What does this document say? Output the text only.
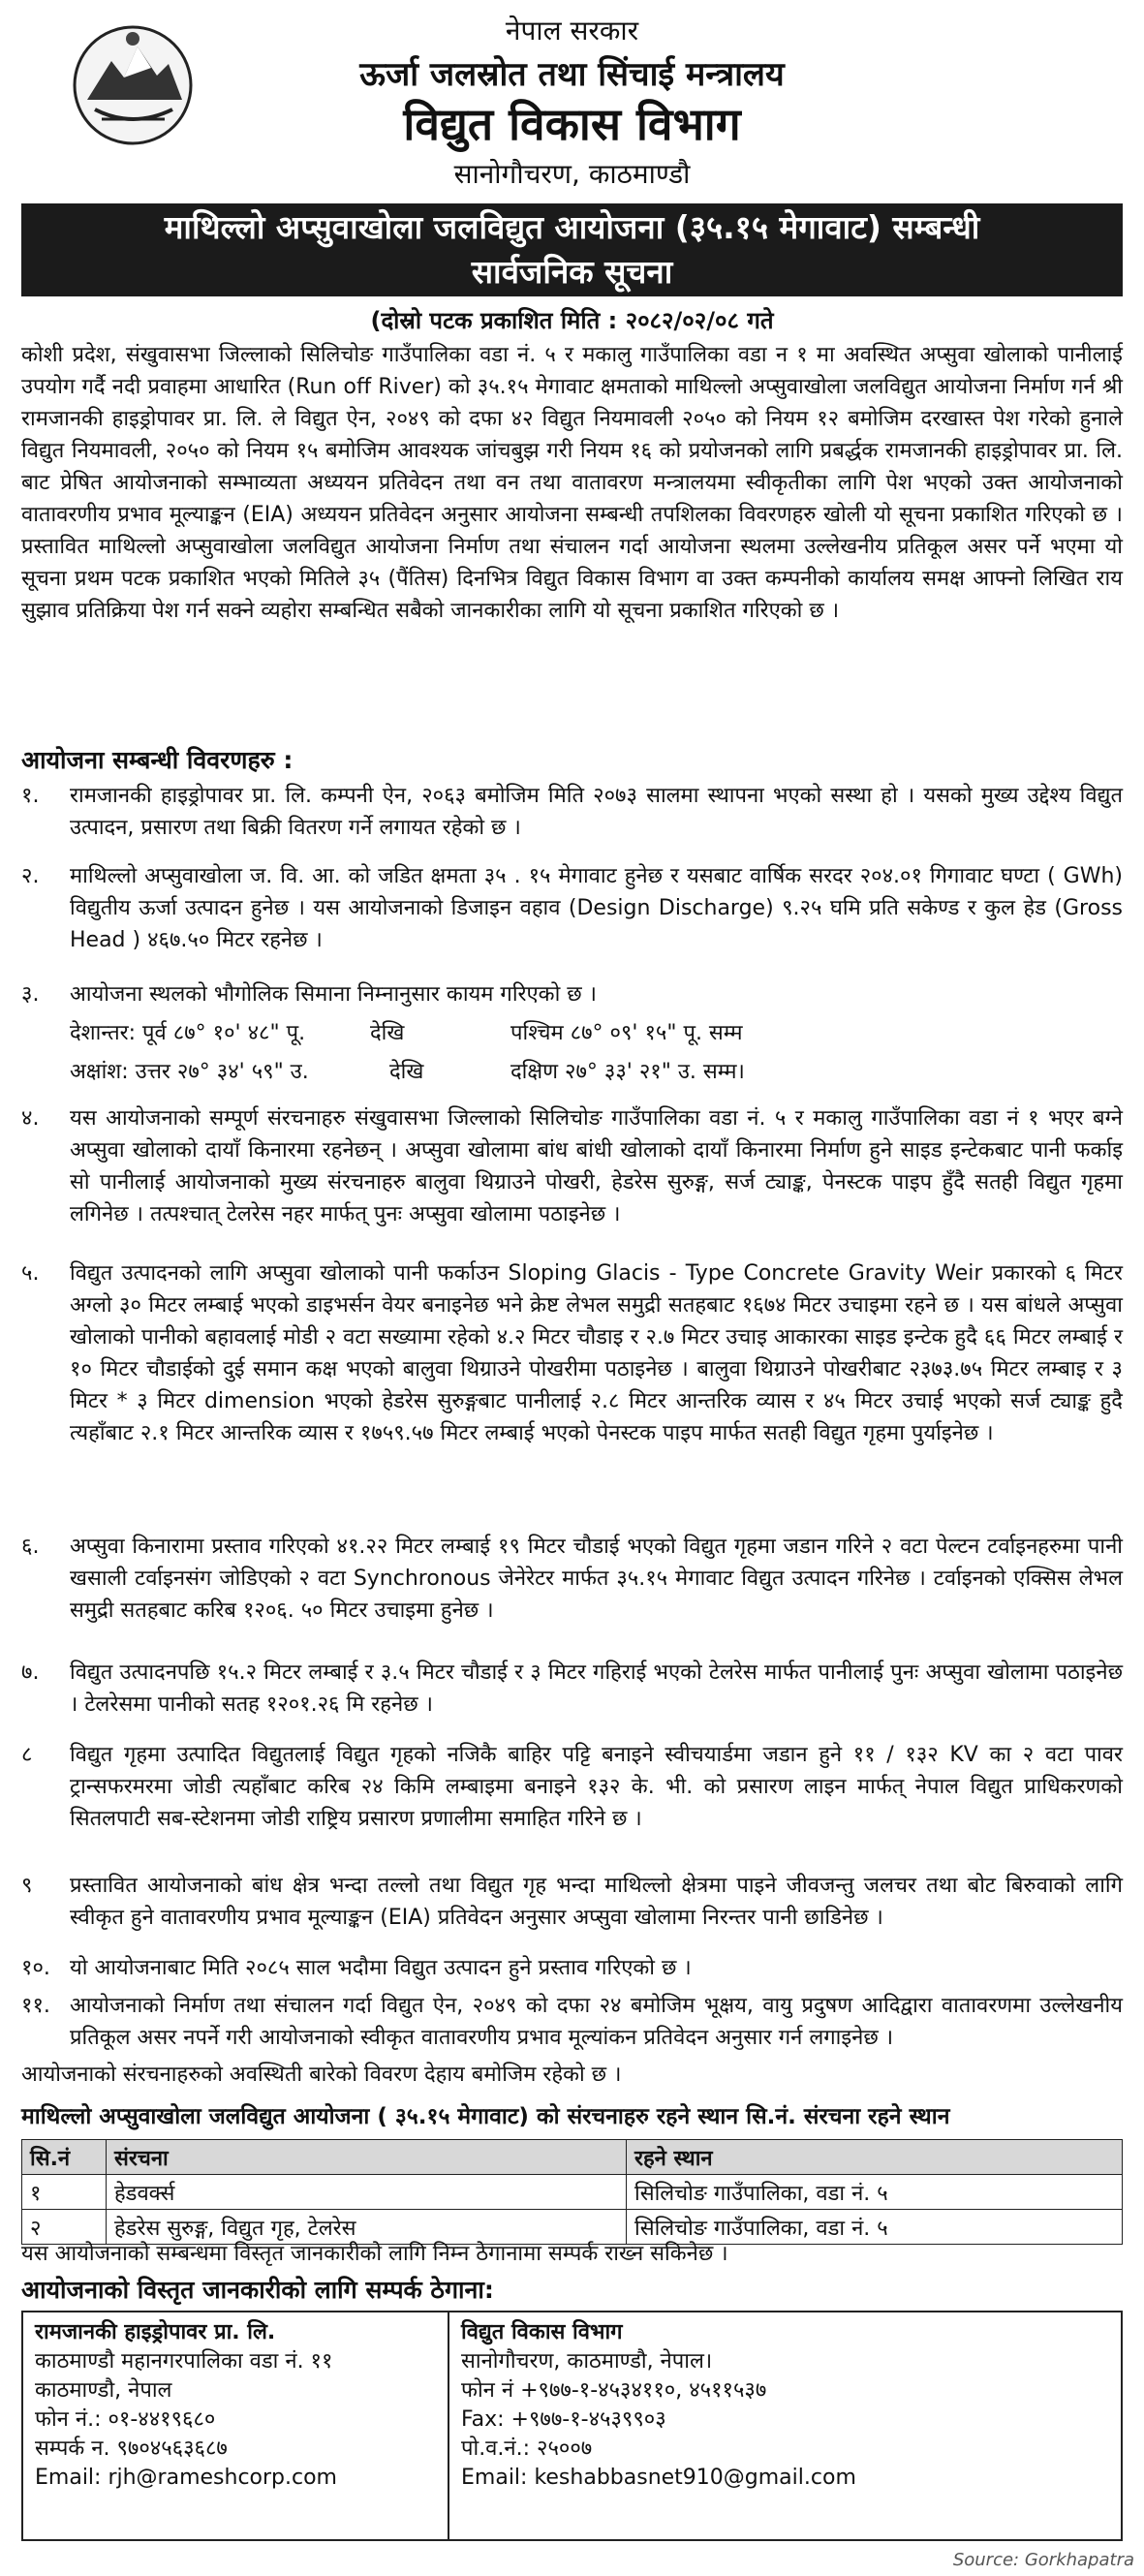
नेपाल सरकार
ऊर्जा जलस्रोत तथा सिंचाई मन्त्रालय
विद्युत विकास विभाग
सानोगौचरण, काठमाण्डौ
माथिल्लो अप्सुवाखोला जलविद्युत आयोजना (३५.१५ मेगावाट) सम्बन्धी
सार्वजनिक सूचना
(दोस्रो पटक प्रकाशित मिति : २०८२/०२/०८ गते
कोशी प्रदेश, संखुवासभा जिल्लाको सिलिचोङ गाउँपालिका वडा नं. ५ र मकालु गाउँपालिका वडा न १ मा अवस्थित अप्सुवा खोलाको पानीलाई उपयोग गर्दै नदी प्रवाहमा आधारित (Run off River) को ३५.१५ मेगावाट क्षमताको माथिल्लो अप्सुवाखोला जलविद्युत आयोजना निर्माण गर्न श्री रामजानकी हाइड्रोपावर प्रा. लि. ले विद्युत ऐन, २०४९ को दफा ४२ विद्युत नियमावली २०५० को नियम १२ बमोजिम दरखास्त पेश गरेको हुनाले विद्युत नियमावली, २०५० को नियम १५ बमोजिम आवश्यक जांचबुझ गरी नियम १६ को प्रयोजनको लागि प्रबर्द्धक रामजानकी हाइड्रोपावर प्रा. लि. बाट प्रेषित आयोजनाको सम्भाव्यता अध्ययन प्रतिवेदन तथा वन तथा वातावरण मन्त्रालयमा स्वीकृतीका लागि पेश भएको उक्त आयोजनाको वातावरणीय प्रभाव मूल्याङ्कन (EIA) अध्ययन प्रतिवेदन अनुसार आयोजना सम्बन्धी तपशिलका विवरणहरु खोली यो सूचना प्रकाशित गरिएको छ । प्रस्तावित माथिल्लो अप्सुवाखोला जलविद्युत आयोजना निर्माण तथा संचालन गर्दा आयोजना स्थलमा उल्लेखनीय प्रतिकूल असर पर्ने भएमा यो सूचना प्रथम पटक प्रकाशित भएको मितिले ३५ (पैंतिस) दिनभित्र विद्युत विकास विभाग वा उक्त कम्पनीको कार्यालय समक्ष आफ्नो लिखित राय सुझाव प्रतिक्रिया पेश गर्न सक्ने व्यहोरा सम्बन्धित सबैको जानकारीका लागि यो सूचना प्रकाशित गरिएको छ ।
आयोजना सम्बन्धी विवरणहरु :
१.	रामजानकी हाइड्रोपावर प्रा. लि. कम्पनी ऐन, २०६३ बमोजिम मिति २०७३ सालमा स्थापना भएको सस्था हो । यसको मुख्य उद्देश्य विद्युत उत्पादन, प्रसारण तथा बिक्री वितरण गर्ने लगायत रहेको छ ।
२.	माथिल्लो अप्सुवाखोला ज. वि. आ. को जडित क्षमता ३५ . १५ मेगावाट हुनेछ र यसबाट वार्षिक सरदर २०४.०१ गिगावाट घण्टा ( GWh) विद्युतीय ऊर्जा उत्पादन हुनेछ । यस आयोजनाको डिजाइन वहाव (Design Discharge) ९.२५ घमि प्रति सकेण्ड र कुल हेड (Gross Head ) ४६७.५० मिटर रहनेछ ।
३.	आयोजना स्थलको भौगोलिक सिमाना निम्नानुसार कायम गरिएको छ ।
देशान्तर: पूर्व ८७° १०' ४८" पू.	देखि	पश्चिम ८७° ०९' १५" पू. सम्म
अक्षांश: उत्तर २७° ३४' ५९" उ.	देखि	दक्षिण २७° ३३' २१" उ. सम्म।
४.	यस आयोजनाको सम्पूर्ण संरचनाहरु संखुवासभा जिल्लाको सिलिचोङ गाउँपालिका वडा नं. ५ र मकालु गाउँपालिका वडा नं १ भएर बग्ने अप्सुवा खोलाको दायाँ किनारमा रहनेछन् । अप्सुवा खोलामा बांध बांधी खोलाको दायाँ किनारमा निर्माण हुने साइड इन्टेकबाट पानी फर्काइ सो पानीलाई आयोजनाको मुख्य संरचनाहरु बालुवा थिग्राउने पोखरी, हेडरेस सुरुङ्ग, सर्ज ट्याङ्क, पेनस्टक पाइप हुँदै सतही विद्युत गृहमा लगिनेछ । तत्पश्चात् टेलरेस नहर मार्फत् पुनः अप्सुवा खोलामा पठाइनेछ ।
५.	विद्युत उत्पादनको लागि अप्सुवा खोलाको पानी फर्काउन Sloping Glacis - Type Concrete Gravity Weir प्रकारको ६ मिटर अग्लो ३० मिटर लम्बाई भएको डाइभर्सन वेयर बनाइनेछ भने क्रेष्ट लेभल समुद्री सतहबाट १६७४ मिटर उचाइमा रहने छ । यस बांधले अप्सुवा खोलाको पानीको बहावलाई मोडी २ वटा सख्यामा रहेको ४.२ मिटर चौडाइ र २.७ मिटर उचाइ आकारका साइड इन्टेक हुदै ६६ मिटर लम्बाई र १० मिटर चौडाईको दुई समान कक्ष भएको बालुवा थिग्राउने पोखरीमा पठाइनेछ । बालुवा थिग्राउने पोखरीबाट २३७३.७५ मिटर लम्बाइ र ३ मिटर * ३ मिटर dimension भएको हेडरेस सुरुङ्गबाट पानीलाई २.८ मिटर आन्तरिक व्यास र ४५ मिटर उचाई भएको सर्ज ट्याङ्क हुदै त्यहाँबाट २.१ मिटर आन्तरिक व्यास र १७५९.५७ मिटर लम्बाई भएको पेनस्टक पाइप मार्फत सतही विद्युत गृहमा पुर्याइनेछ ।
६.	अप्सुवा किनारामा प्रस्ताव गरिएको ४१.२२ मिटर लम्बाई १९ मिटर चौडाई भएको विद्युत गृहमा जडान गरिने २ वटा पेल्टन टर्वाइनहरुमा पानी खसाली टर्वाइनसंग जोडिएको २ वटा Synchronous जेनेरेटर मार्फत ३५.१५ मेगावाट विद्युत उत्पादन गरिनेछ । टर्वाइनको एक्सिस लेभल समुद्री सतहबाट करिब १२०६. ५० मिटर उचाइमा हुनेछ ।
७.	विद्युत उत्पादनपछि १५.२ मिटर लम्बाई र ३.५ मिटर चौडाई र ३ मिटर गहिराई भएको टेलरेस मार्फत पानीलाई पुनः अप्सुवा खोलामा पठाइनेछ । टेलरेसमा पानीको सतह १२०१.२६ मि रहनेछ ।
८	विद्युत गृहमा उत्पादित विद्युतलाई विद्युत गृहको नजिकै बाहिर पट्टि बनाइने स्वीचयार्डमा जडान हुने ११ / १३२ KV का २ वटा पावर ट्रान्सफरमरमा जोडी त्यहाँबाट करिब २४ किमि लम्बाइमा बनाइने १३२ के. भी. को प्रसारण लाइन मार्फत् नेपाल विद्युत प्राधिकरणको सितलपाटी सब-स्टेशनमा जोडी राष्ट्रिय प्रसारण प्रणालीमा समाहित गरिने छ ।
९	प्रस्तावित आयोजनाको बांध क्षेत्र भन्दा तल्लो तथा विद्युत गृह भन्दा माथिल्लो क्षेत्रमा पाइने जीवजन्तु जलचर तथा बोट बिरुवाको लागि स्वीकृत हुने वातावरणीय प्रभाव मूल्याङ्कन (EIA) प्रतिवेदन अनुसार अप्सुवा खोलामा निरन्तर पानी छाडिनेछ ।
१०. यो आयोजनाबाट मिति २०८५ साल भदौमा विद्युत उत्पादन हुने प्रस्ताव गरिएको छ ।
११. आयोजनाको निर्माण तथा संचालन गर्दा विद्युत ऐन, २०४९ को दफा २४ बमोजिम भूक्षय, वायु प्रदुषण आदिद्वारा वातावरणमा उल्लेखनीय प्रतिकूल असर नपर्ने गरी आयोजनाको स्वीकृत वातावरणीय प्रभाव मूल्यांकन प्रतिवेदन अनुसार गर्न लगाइनेछ ।
आयोजनाको संरचनाहरुको अवस्थिती बारेको विवरण देहाय बमोजिम रहेको छ ।
माथिल्लो अप्सुवाखोला जलविद्युत आयोजना ( ३५.१५ मेगावाट) को संरचनाहरु रहने स्थान सि.नं. संरचना रहने स्थान
सि.नं	संरचना	रहने स्थान
१	हेडवर्क्स	सिलिचोङ गाउँपालिका, वडा नं. ५
२	हेडरेस सुरुङ्ग, विद्युत गृह, टेलरेस	सिलिचोङ गाउँपालिका, वडा नं. ५
यस आयोजनाको सम्बन्धमा विस्तृत जानकारीको लागि निम्न ठेगानामा सम्पर्क राख्न सकिनेछ ।
आयोजनाको विस्तृत जानकारीको लागि सम्पर्क ठेगाना:
रामजानकी हाइड्रोपावर प्रा. लि.
काठमाण्डौ महानगरपालिका वडा नं. ११
काठमाण्डौ, नेपाल
फोन नं.: ०१-४४१९६८०
सम्पर्क न. ९७०४५६३६८७
Email: rjh@rameshcorp.com
विद्युत विकास विभाग
सानोगौचरण, काठमाण्डौ, नेपाल।
फोन नं +९७७-१-४५३४११०, ४५११५३७
Fax: +९७७-१-४५३९९०३
पो.व.नं.: २५००७
Email: keshabbasnet910@gmail.com
Source: Gorkhapatra
